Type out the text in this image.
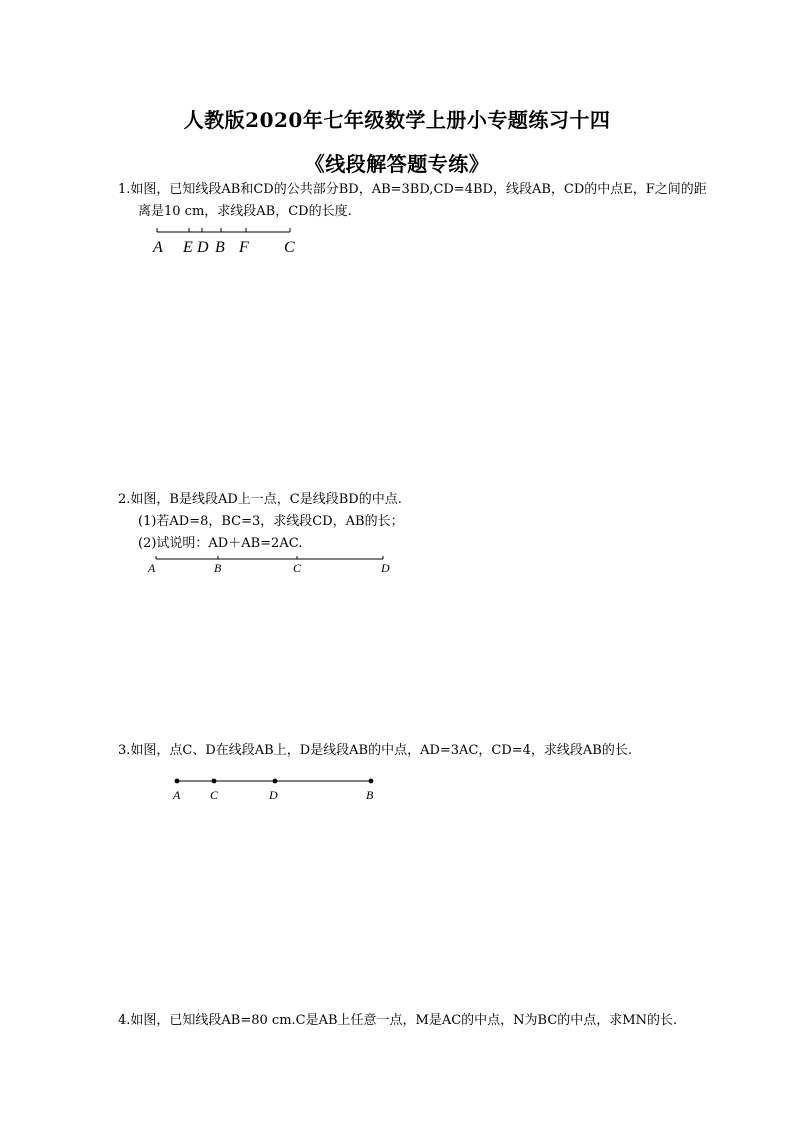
人教版2020年七年级数学上册小专题练习十四
《线段解答题专练》
1.如图，已知线段AB和CD的公共部分BD，AB=3BD,CD=4BD，线段AB，CD的中点E，F之间的距
离是10 cm，求线段AB，CD的长度.
A E D B F C
2.如图，B是线段AD上一点，C是线段BD的中点.
(1)若AD=8，BC=3，求线段CD，AB的长；
(2)试说明：AD＋AB=2AC.
A	B	C	D
3.如图，点C、D在线段AB上，D是线段AB的中点，AD=3AC，CD=4，求线段AB的长.
A C	D	B
4.如图，已知线段AB=80 cm.C是AB上任意一点，M是AC的中点，N为BC的中点，求MN的长.
